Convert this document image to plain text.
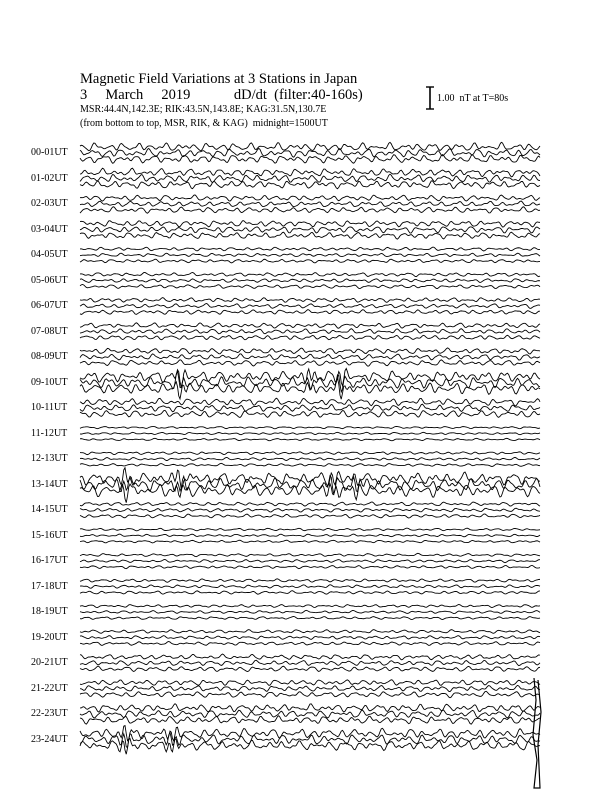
Magnetic Field Variations at 3 Stations in Japan
3     March     2019            dD/dt  (filter:40-160s)
MSR:44.4N,142.3E; RIK:43.5N,143.8E; KAG:31.5N,130.7E
(from bottom to top, MSR, RIK, & KAG)  midnight=1500UT
1.00  nT at T=80s
00-01UT
01-02UT
02-03UT
03-04UT
04-05UT
05-06UT
06-07UT
07-08UT
08-09UT
09-10UT
10-11UT
11-12UT
12-13UT
13-14UT
14-15UT
15-16UT
16-17UT
17-18UT
18-19UT
19-20UT
20-21UT
21-22UT
22-23UT
23-24UT
